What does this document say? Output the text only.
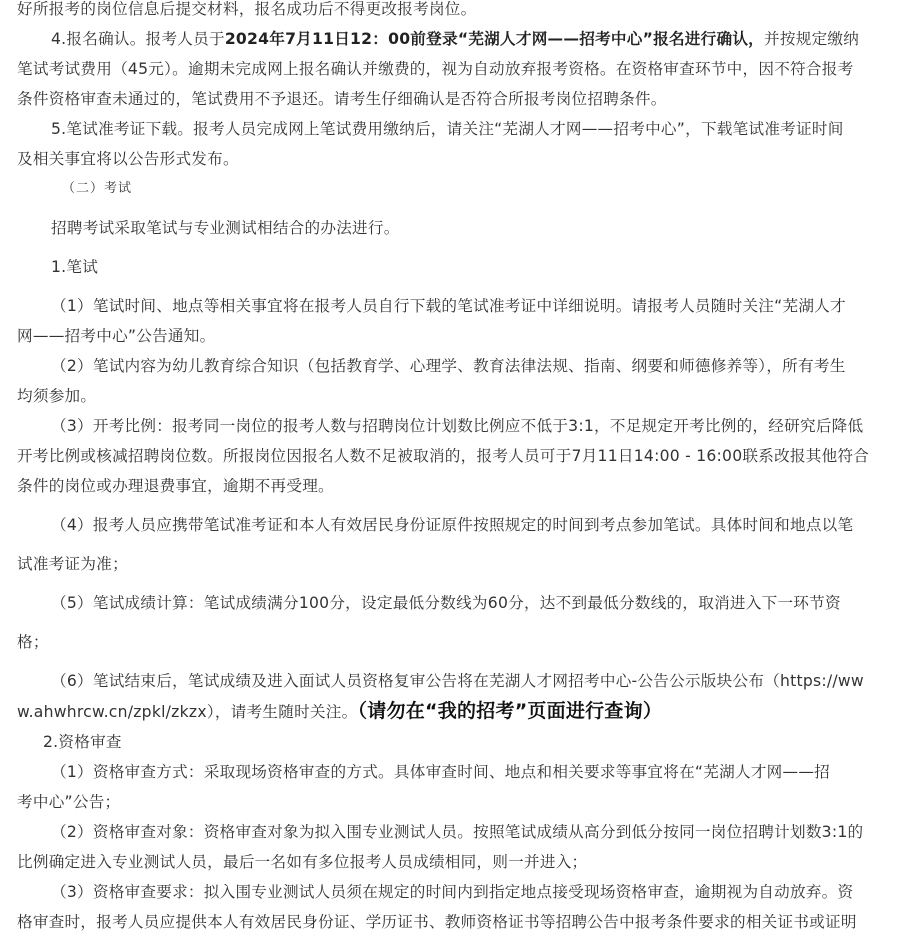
好所报考的岗位信息后提交材料，报名成功后不得更改报考岗位。

4.报名确认。报考人员于2024年7月11日12：00前登录“芜湖人才网——招考中心”报名进行确认，并按规定缴纳

笔试考试费用（45元）。逾期未完成网上报名确认并缴费的，视为自动放弃报考资格。在资格审查环节中，因不符合报考

条件资格审查未通过的，笔试费用不予退还。请考生仔细确认是否符合所报考岗位招聘条件。

5.笔试准考证下载。报考人员完成网上笔试费用缴纳后，请关注“芜湖人才网——招考中心”，下载笔试准考证时间

及相关事宜将以公告形式发布。

（二）考试

招聘考试采取笔试与专业测试相结合的办法进行。

1.笔试

（1）笔试时间、地点等相关事宜将在报考人员自行下载的笔试准考证中详细说明。请报考人员随时关注“芜湖人才

网——招考中心”公告通知。

（2）笔试内容为幼儿教育综合知识（包括教育学、心理学、教育法律法规、指南、纲要和师德修养等），所有考生

均须参加。

（3）开考比例：报考同一岗位的报考人数与招聘岗位计划数比例应不低于3:1，不足规定开考比例的，经研究后降低

开考比例或核减招聘岗位数。所报岗位因报名人数不足被取消的，报考人员可于7月11日14:00 - 16:00联系改报其他符合

条件的岗位或办理退费事宜，逾期不再受理。

（4）报考人员应携带笔试准考证和本人有效居民身份证原件按照规定的时间到考点参加笔试。具体时间和地点以笔

试准考证为准；

（5）笔试成绩计算：笔试成绩满分100分，设定最低分数线为60分，达不到最低分数线的，取消进入下一环节资

格；

（6）笔试结束后，笔试成绩及进入面试人员资格复审公告将在芜湖人才网招考中心-公告公示版块公布（https://ww

w.ahwhrcw.cn/zpkl/zkzx），请考生随时关注。（请勿在“我的招考”页面进行查询）

2.资格审查

（1）资格审查方式：采取现场资格审查的方式。具体审查时间、地点和相关要求等事宜将在“芜湖人才网——招

考中心”公告；

（2）资格审查对象：资格审查对象为拟入围专业测试人员。按照笔试成绩从高分到低分按同一岗位招聘计划数3:1的

比例确定进入专业测试人员，最后一名如有多位报考人员成绩相同，则一并进入；

（3）资格审查要求：拟入围专业测试人员须在规定的时间内到指定地点接受现场资格审查，逾期视为自动放弃。资

格审查时，报考人员应提供本人有效居民身份证、学历证书、教师资格证书等招聘公告中报考条件要求的相关证书或证明
